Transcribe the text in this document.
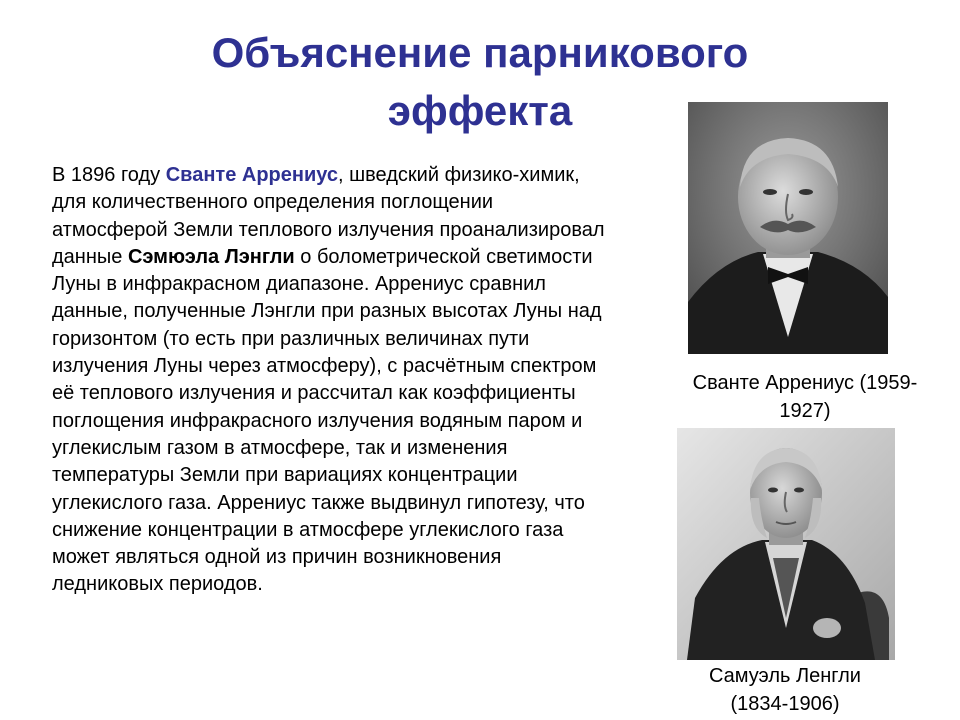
Объяснение парникового
эффекта
В 1896 году Сванте Аррениус, шведский физико-химик, для количественного определения поглощении атмосферой Земли теплового излучения проанализировал данные Сэмюэла Лэнгли о болометрической светимости Луны в инфракрасном диапазоне. Аррениус сравнил данные, полученные Лэнгли при разных высотах Луны над горизонтом (то есть при различных величинах пути излучения Луны через атмосферу), с расчётным спектром её теплового излучения и рассчитал как коэффициенты поглощения инфракрасного излучения водяным паром и углекислым газом в атмосфере, так и изменения температуры Земли при вариациях концентрации углекислого газа. Аррениус также выдвинул гипотезу, что снижение концентрации в атмосфере углекислого газа может являться одной из причин возникновения ледниковых периодов.
Сванте Аррениус (1959-
1927)
Самуэль Ленгли
(1834-1906)
